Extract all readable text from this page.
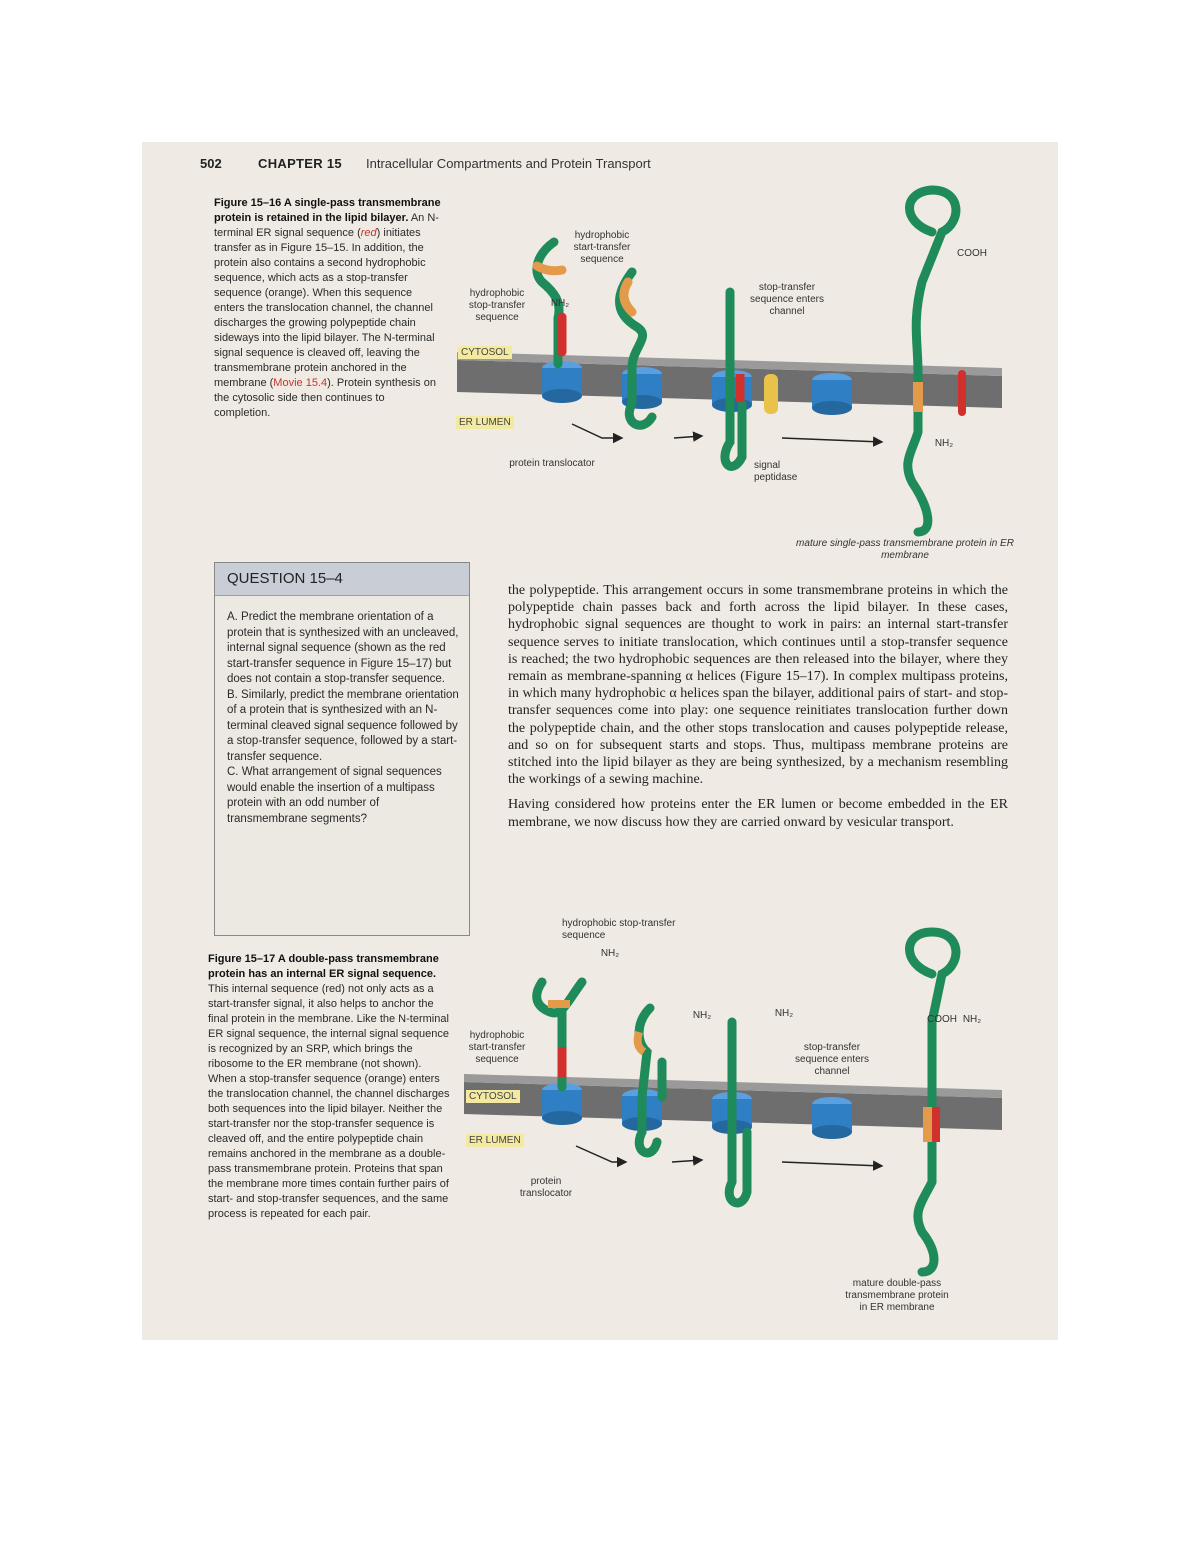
502	CHAPTER 15 Intracellular Compartments and Protein Transport
Figure 15–16 A single-pass transmembrane protein is retained in the lipid bilayer. An N-terminal ER signal sequence (red) initiates transfer as in Figure 15–15. In addition, the protein also contains a second hydrophobic sequence, which acts as a stop-transfer sequence (orange). When this sequence enters the translocation channel, the channel discharges the growing polypeptide chain sideways into the lipid bilayer. The N-terminal signal sequence is cleaved off, leaving the transmembrane protein anchored in the membrane (Movie 15.4). Protein synthesis on the cytosolic side then continues to completion.
hydrophobic start-transfer sequence
hydrophobic stop-transfer sequence
NH₂
CYTOSOL
ER LUMEN
protein translocator
stop-transfer sequence enters channel
signal peptidase
COOH
NH₂
mature single-pass transmembrane protein in ER membrane
QUESTION 15–4

A. Predict the membrane orientation of a protein that is synthesized with an uncleaved, internal signal sequence (shown as the red start-transfer sequence in Figure 15–17) but does not contain a stop-transfer sequence.

B. Similarly, predict the membrane orientation of a protein that is synthesized with an N-terminal cleaved signal sequence followed by a stop-transfer sequence, followed by a start-transfer sequence.

C. What arrangement of signal sequences would enable the insertion of a multipass protein with an odd number of transmembrane segments?

the polypeptide. This arrangement occurs in some transmembrane proteins in which the polypeptide chain passes back and forth across the lipid bilayer. In these cases, hydrophobic signal sequences are thought to work in pairs: an internal start-transfer sequence serves to initiate translocation, which continues until a stop-transfer sequence is reached; the two hydrophobic sequences are then released into the bilayer, where they remain as membrane-spanning α helices (Figure 15–17). In complex multipass proteins, in which many hydrophobic α helices span the bilayer, additional pairs of start- and stop-transfer sequences come into play: one sequence reinitiates translocation further down the polypeptide chain, and the other stops translocation and causes polypeptide release, and so on for subsequent starts and stops. Thus, multipass membrane proteins are stitched into the lipid bilayer as they are being synthesized, by a mechanism resembling the workings of a sewing machine.

Having considered how proteins enter the ER lumen or become embedded in the ER membrane, we now discuss how they are carried onward by vesicular transport.

Figure 15–17 A double-pass transmembrane protein has an internal ER signal sequence. This internal sequence (red) not only acts as a start-transfer signal, it also helps to anchor the final protein in the membrane. Like the N-terminal ER signal sequence, the internal signal sequence is recognized by an SRP, which brings the ribosome to the ER membrane (not shown). When a stop-transfer sequence (orange) enters the translocation channel, the channel discharges both sequences into the lipid bilayer. Neither the start-transfer nor the stop-transfer sequence is cleaved off, and the entire polypeptide chain remains anchored in the membrane as a double-pass transmembrane protein. Proteins that span the membrane more times contain further pairs of start- and stop-transfer sequences, and the same process is repeated for each pair.
hydrophobic stop-transfer sequence
NH₂
hydrophobic start-transfer sequence
CYTOSOL
ER LUMEN
protein translocator
NH₂	NH₂
stop-transfer sequence enters channel
COOH NH₂
mature double-pass transmembrane protein in ER membrane
